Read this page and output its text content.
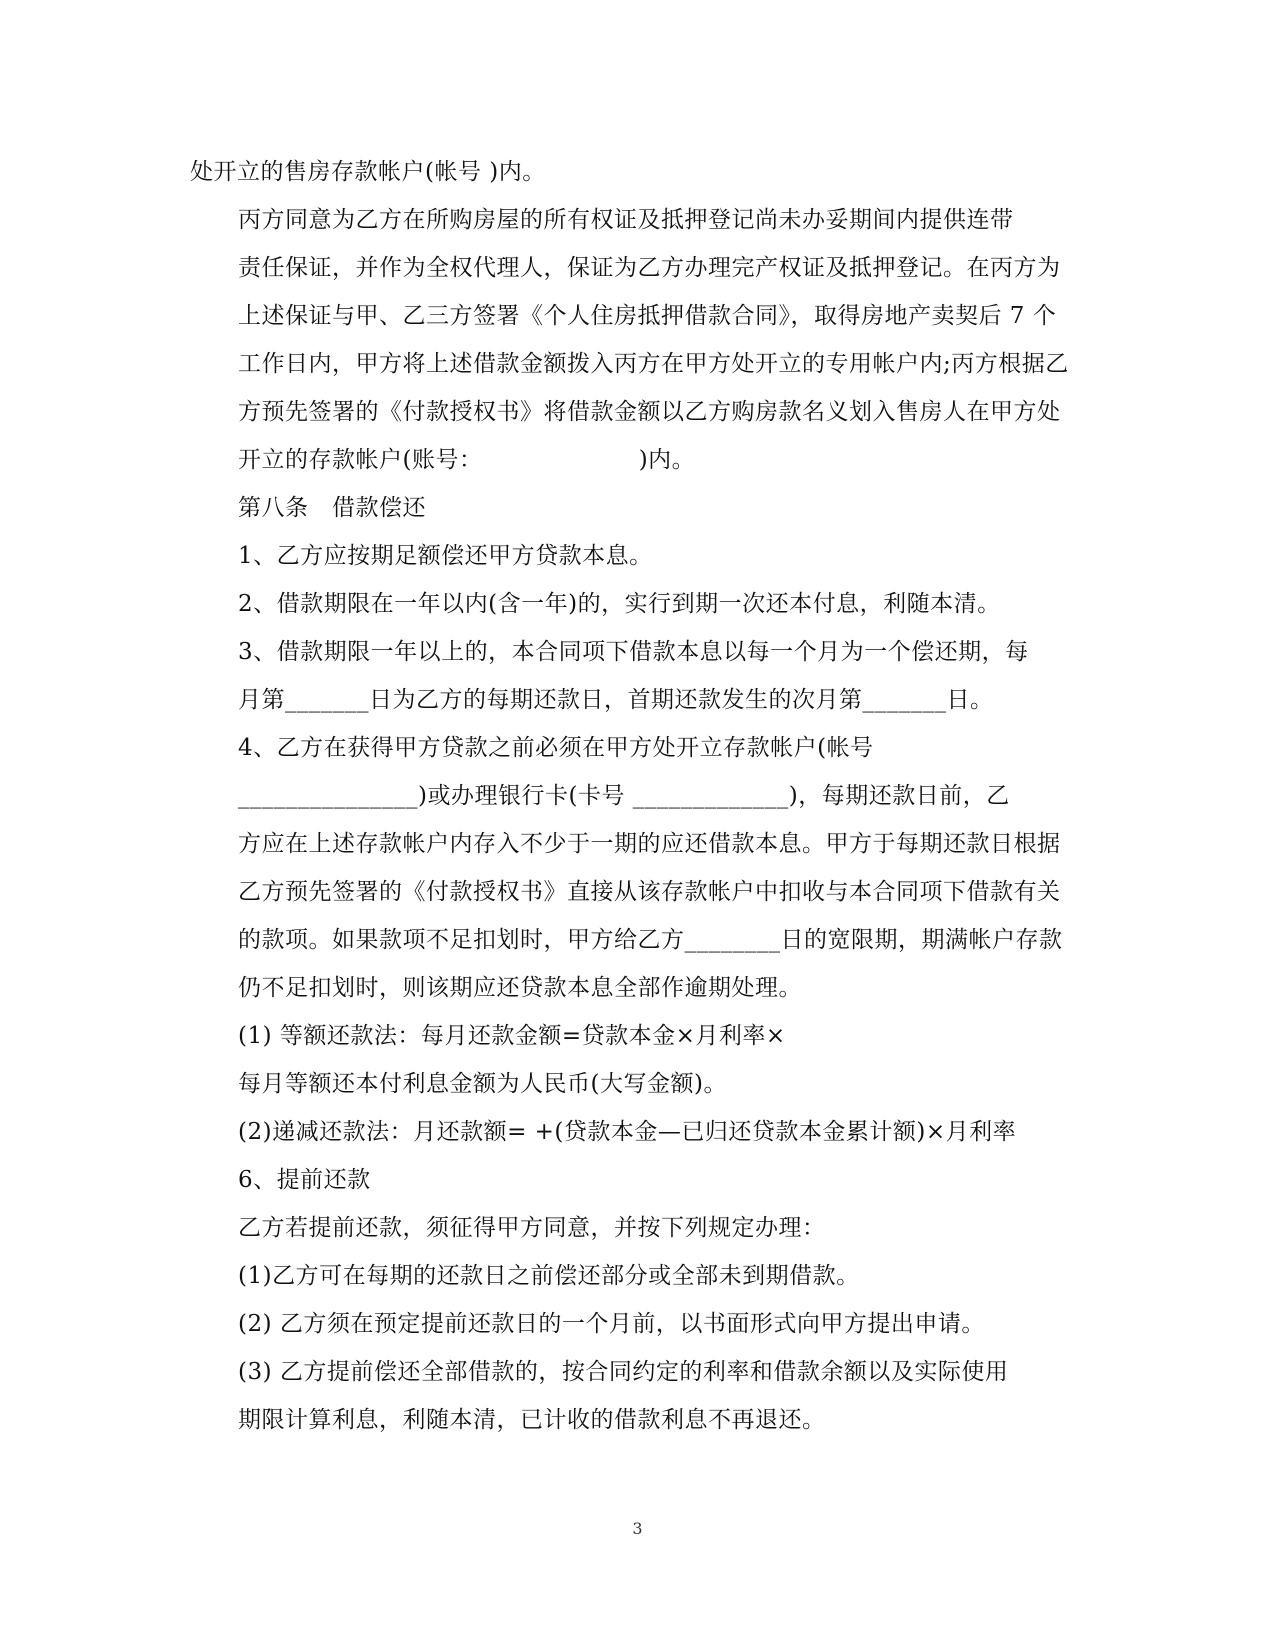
处开立的售房存款帐户(帐号 )内。

丙方同意为乙方在所购房屋的所有权证及抵押登记尚未办妥期间内提供连带
责任保证，并作为全权代理人，保证为乙方办理完产权证及抵押登记。在丙方为
上述保证与甲、乙三方签署《个人住房抵押借款合同》，取得房地产卖契后 7 个
工作日内，甲方将上述借款金额拨入丙方在甲方处开立的专用帐户内;丙方根据乙
方预先签署的《付款授权书》将借款金额以乙方购房款名义划入售房人在甲方处
开立的存款帐户(账号：                    )内。

第八条　借款偿还

1、乙方应按期足额偿还甲方贷款本息。

2、借款期限在一年以内(含一年)的，实行到期一次还本付息，利随本清。

3、借款期限一年以上的，本合同项下借款本息以每一个月为一个偿还期，每
月第_______日为乙方的每期还款日，首期还款发生的次月第_______日。

4、乙方在获得甲方贷款之前必须在甲方处开立存款帐户(帐号
_______________)或办理银行卡(卡号 _____________)，每期还款日前，乙
方应在上述存款帐户内存入不少于一期的应还借款本息。甲方于每期还款日根据
乙方预先签署的《付款授权书》直接从该存款帐户中扣收与本合同项下借款有关
的款项。如果款项不足扣划时，甲方给乙方________日的宽限期，期满帐户存款
仍不足扣划时，则该期应还贷款本息全部作逾期处理。

(1) 等额还款法：每月还款金额=贷款本金×月利率×

每月等额还本付利息金额为人民币(大写金额)。

(2)递减还款法：月还款额= +(贷款本金—已归还贷款本金累计额)×月利率

6、提前还款

乙方若提前还款，须征得甲方同意，并按下列规定办理：

(1)乙方可在每期的还款日之前偿还部分或全部未到期借款。

(2) 乙方须在预定提前还款日的一个月前，以书面形式向甲方提出申请。

(3) 乙方提前偿还全部借款的，按合同约定的利率和借款余额以及实际使用
期限计算利息，利随本清，已计收的借款利息不再退还。

3
